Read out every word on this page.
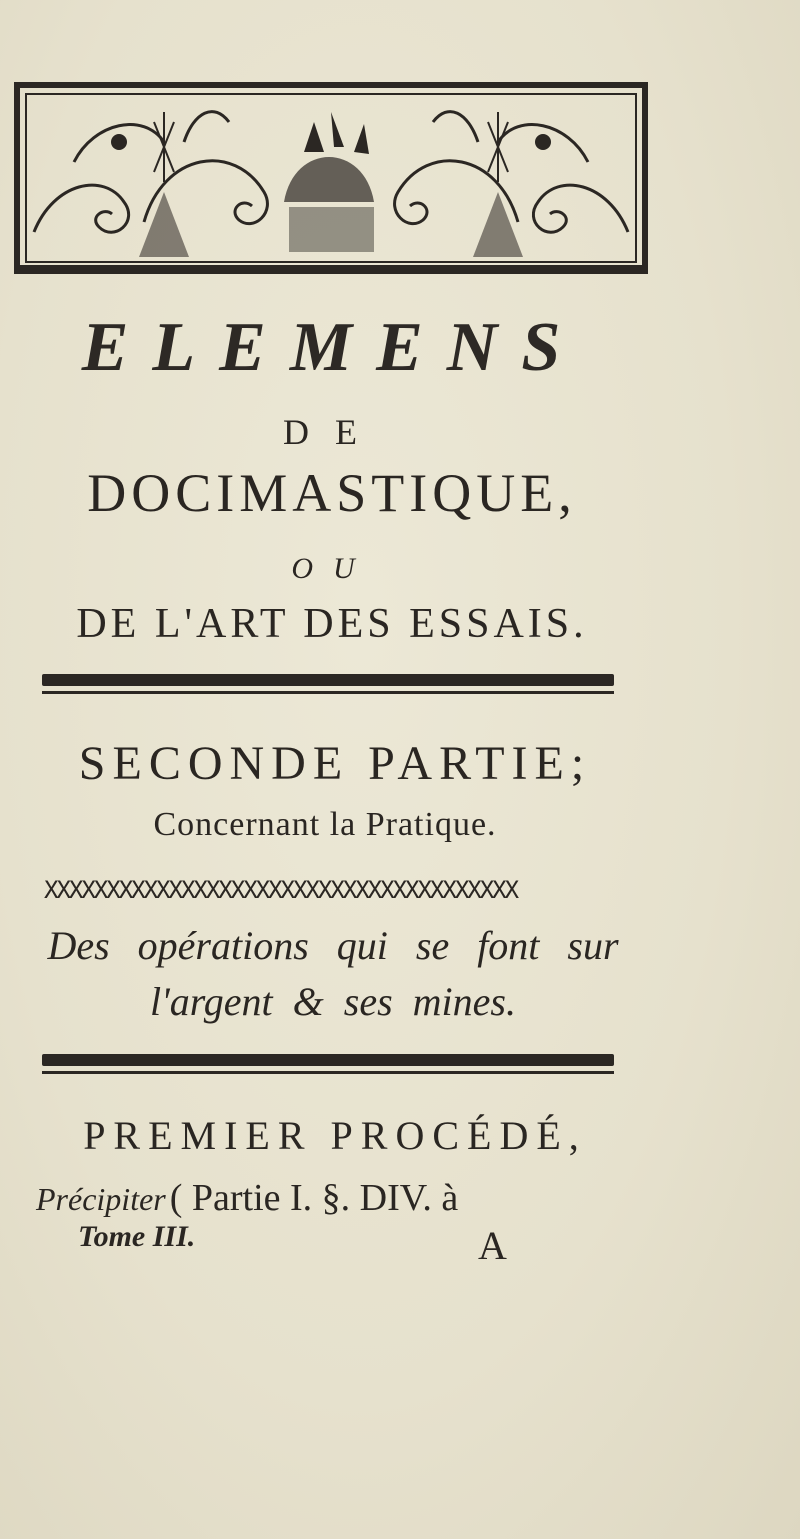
ELEMENS
DE
DOCIMASTIQUE,
OU
DE L'ART DES ESSAIS.
SECONDE PARTIE;
Concernant la Pratique.
XXXXXXXXXXXXXXXXXXXXXXXXXXXXXXXXXXXXXX
Des opérations qui se font sur
l'argent & ses mines.
PREMIER PROCÉDÉ,
Précipiter ( Partie I. §. DIV. à
Tome III.	A
